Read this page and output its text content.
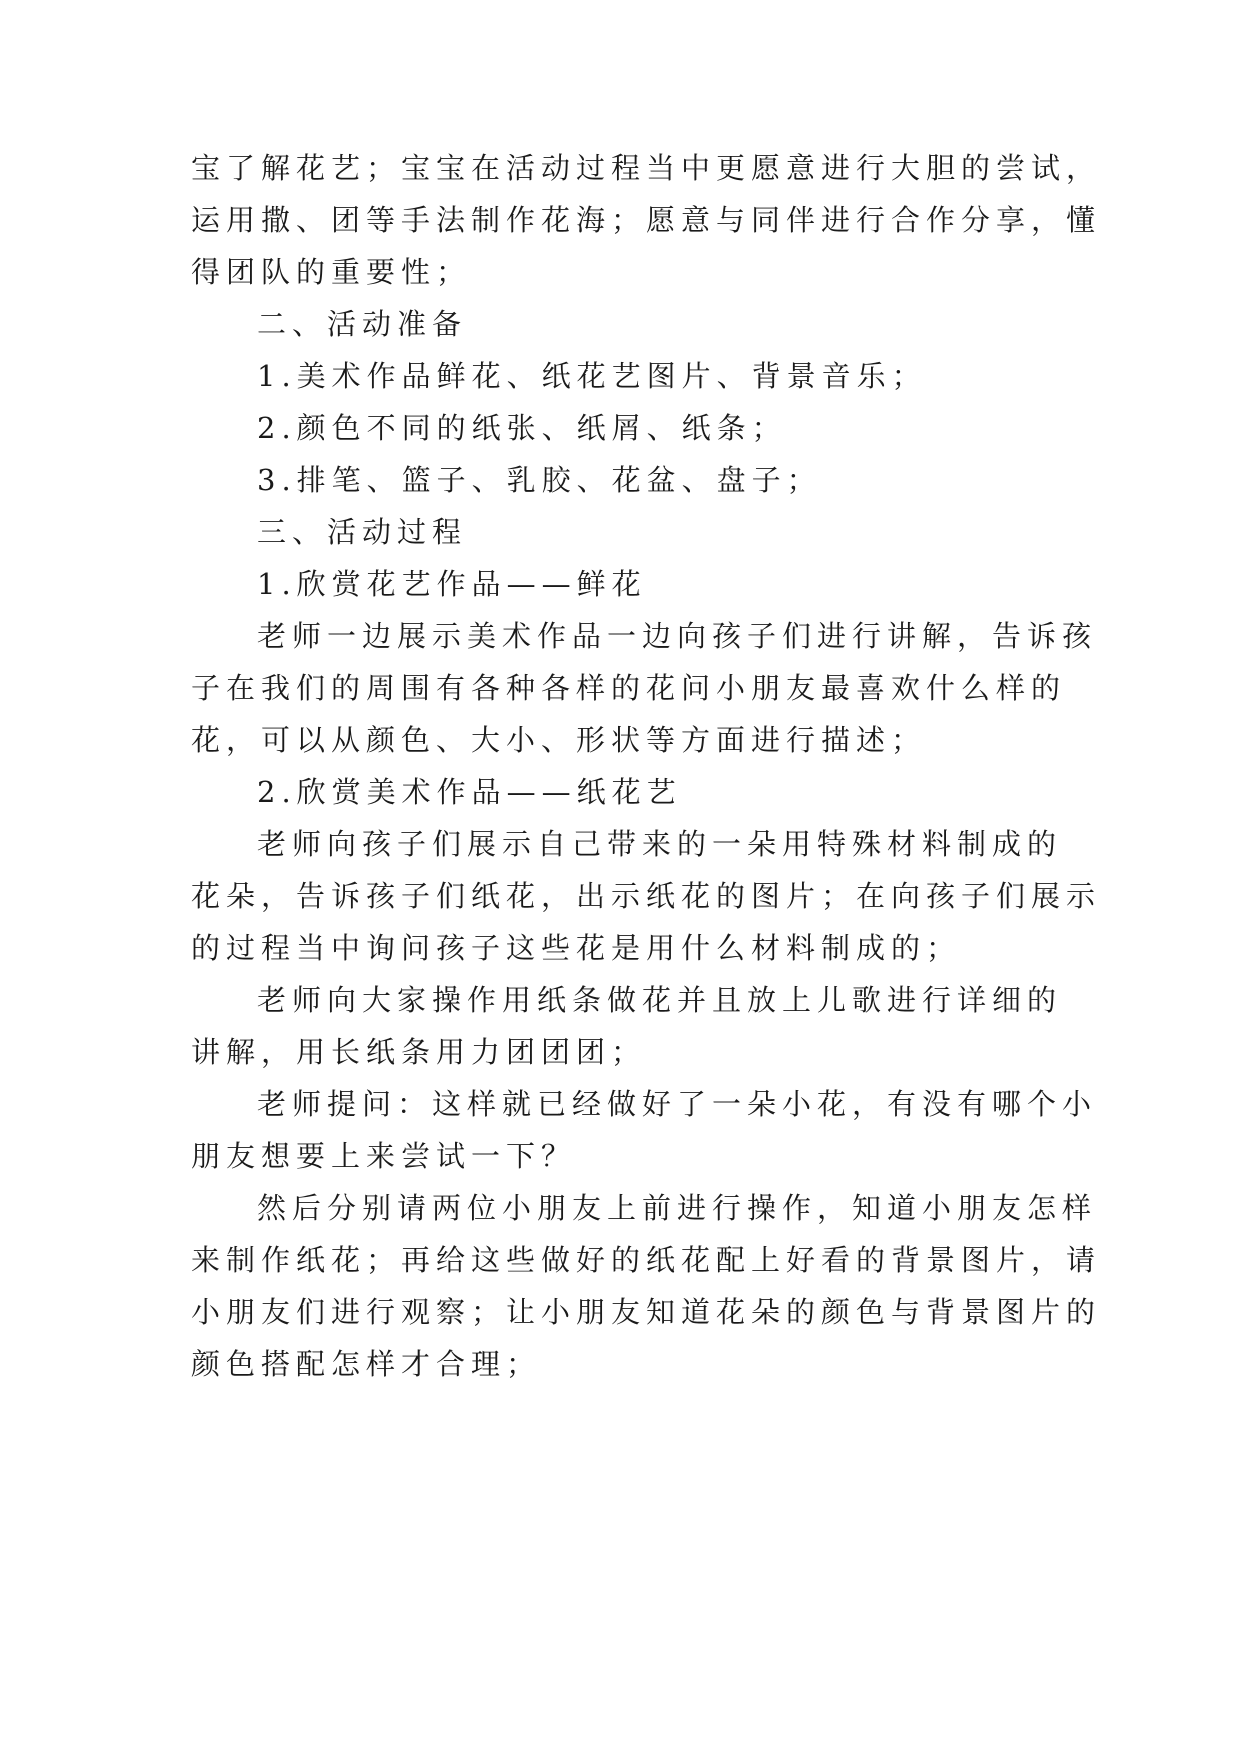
宝了解花艺；宝宝在活动过程当中更愿意进行大胆的尝试，
运用撒、团等手法制作花海；愿意与同伴进行合作分享，懂
得团队的重要性；
二、活动准备
1.美术作品鲜花、纸花艺图片、背景音乐；
2.颜色不同的纸张、纸屑、纸条；
3.排笔、篮子、乳胶、花盆、盘子；
三、活动过程
1.欣赏花艺作品——鲜花
老师一边展示美术作品一边向孩子们进行讲解，告诉孩
子在我们的周围有各种各样的花问小朋友最喜欢什么样的
花，可以从颜色、大小、形状等方面进行描述；
2.欣赏美术作品——纸花艺
老师向孩子们展示自己带来的一朵用特殊材料制成的
花朵，告诉孩子们纸花，出示纸花的图片；在向孩子们展示
的过程当中询问孩子这些花是用什么材料制成的；
老师向大家操作用纸条做花并且放上儿歌进行详细的
讲解，用长纸条用力团团团；
老师提问：这样就已经做好了一朵小花，有没有哪个小
朋友想要上来尝试一下？
然后分别请两位小朋友上前进行操作，知道小朋友怎样
来制作纸花；再给这些做好的纸花配上好看的背景图片，请
小朋友们进行观察；让小朋友知道花朵的颜色与背景图片的
颜色搭配怎样才合理；
